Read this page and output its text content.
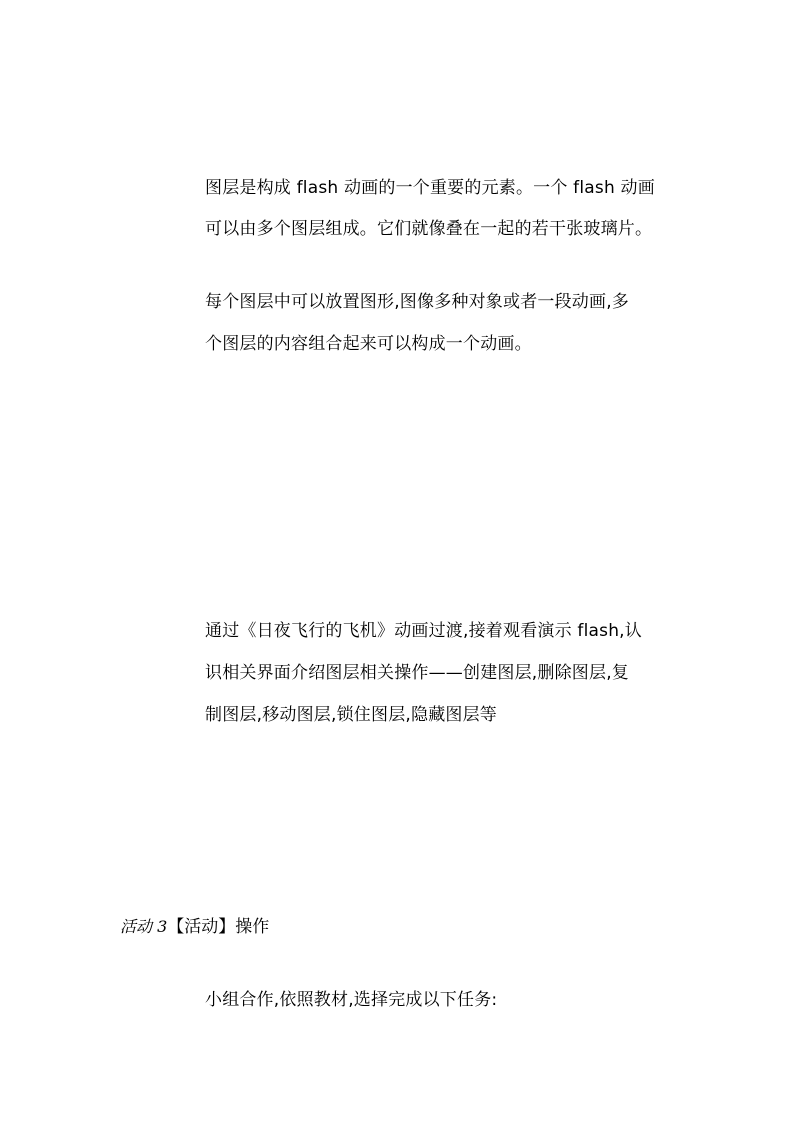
图层是构成 flash 动画的一个重要的元素。一个 flash 动画
可以由多个图层组成。它们就像叠在一起的若干张玻璃片。
每个图层中可以放置图形,图像多种对象或者一段动画,多
个图层的内容组合起来可以构成一个动画。
通过《日夜飞行的飞机》动画过渡,接着观看演示 flash,认
识相关界面介绍图层相关操作——创建图层,删除图层,复
制图层,移动图层,锁住图层,隐藏图层等
活动 3【活动】操作
小组合作,依照教材,选择完成以下任务:
